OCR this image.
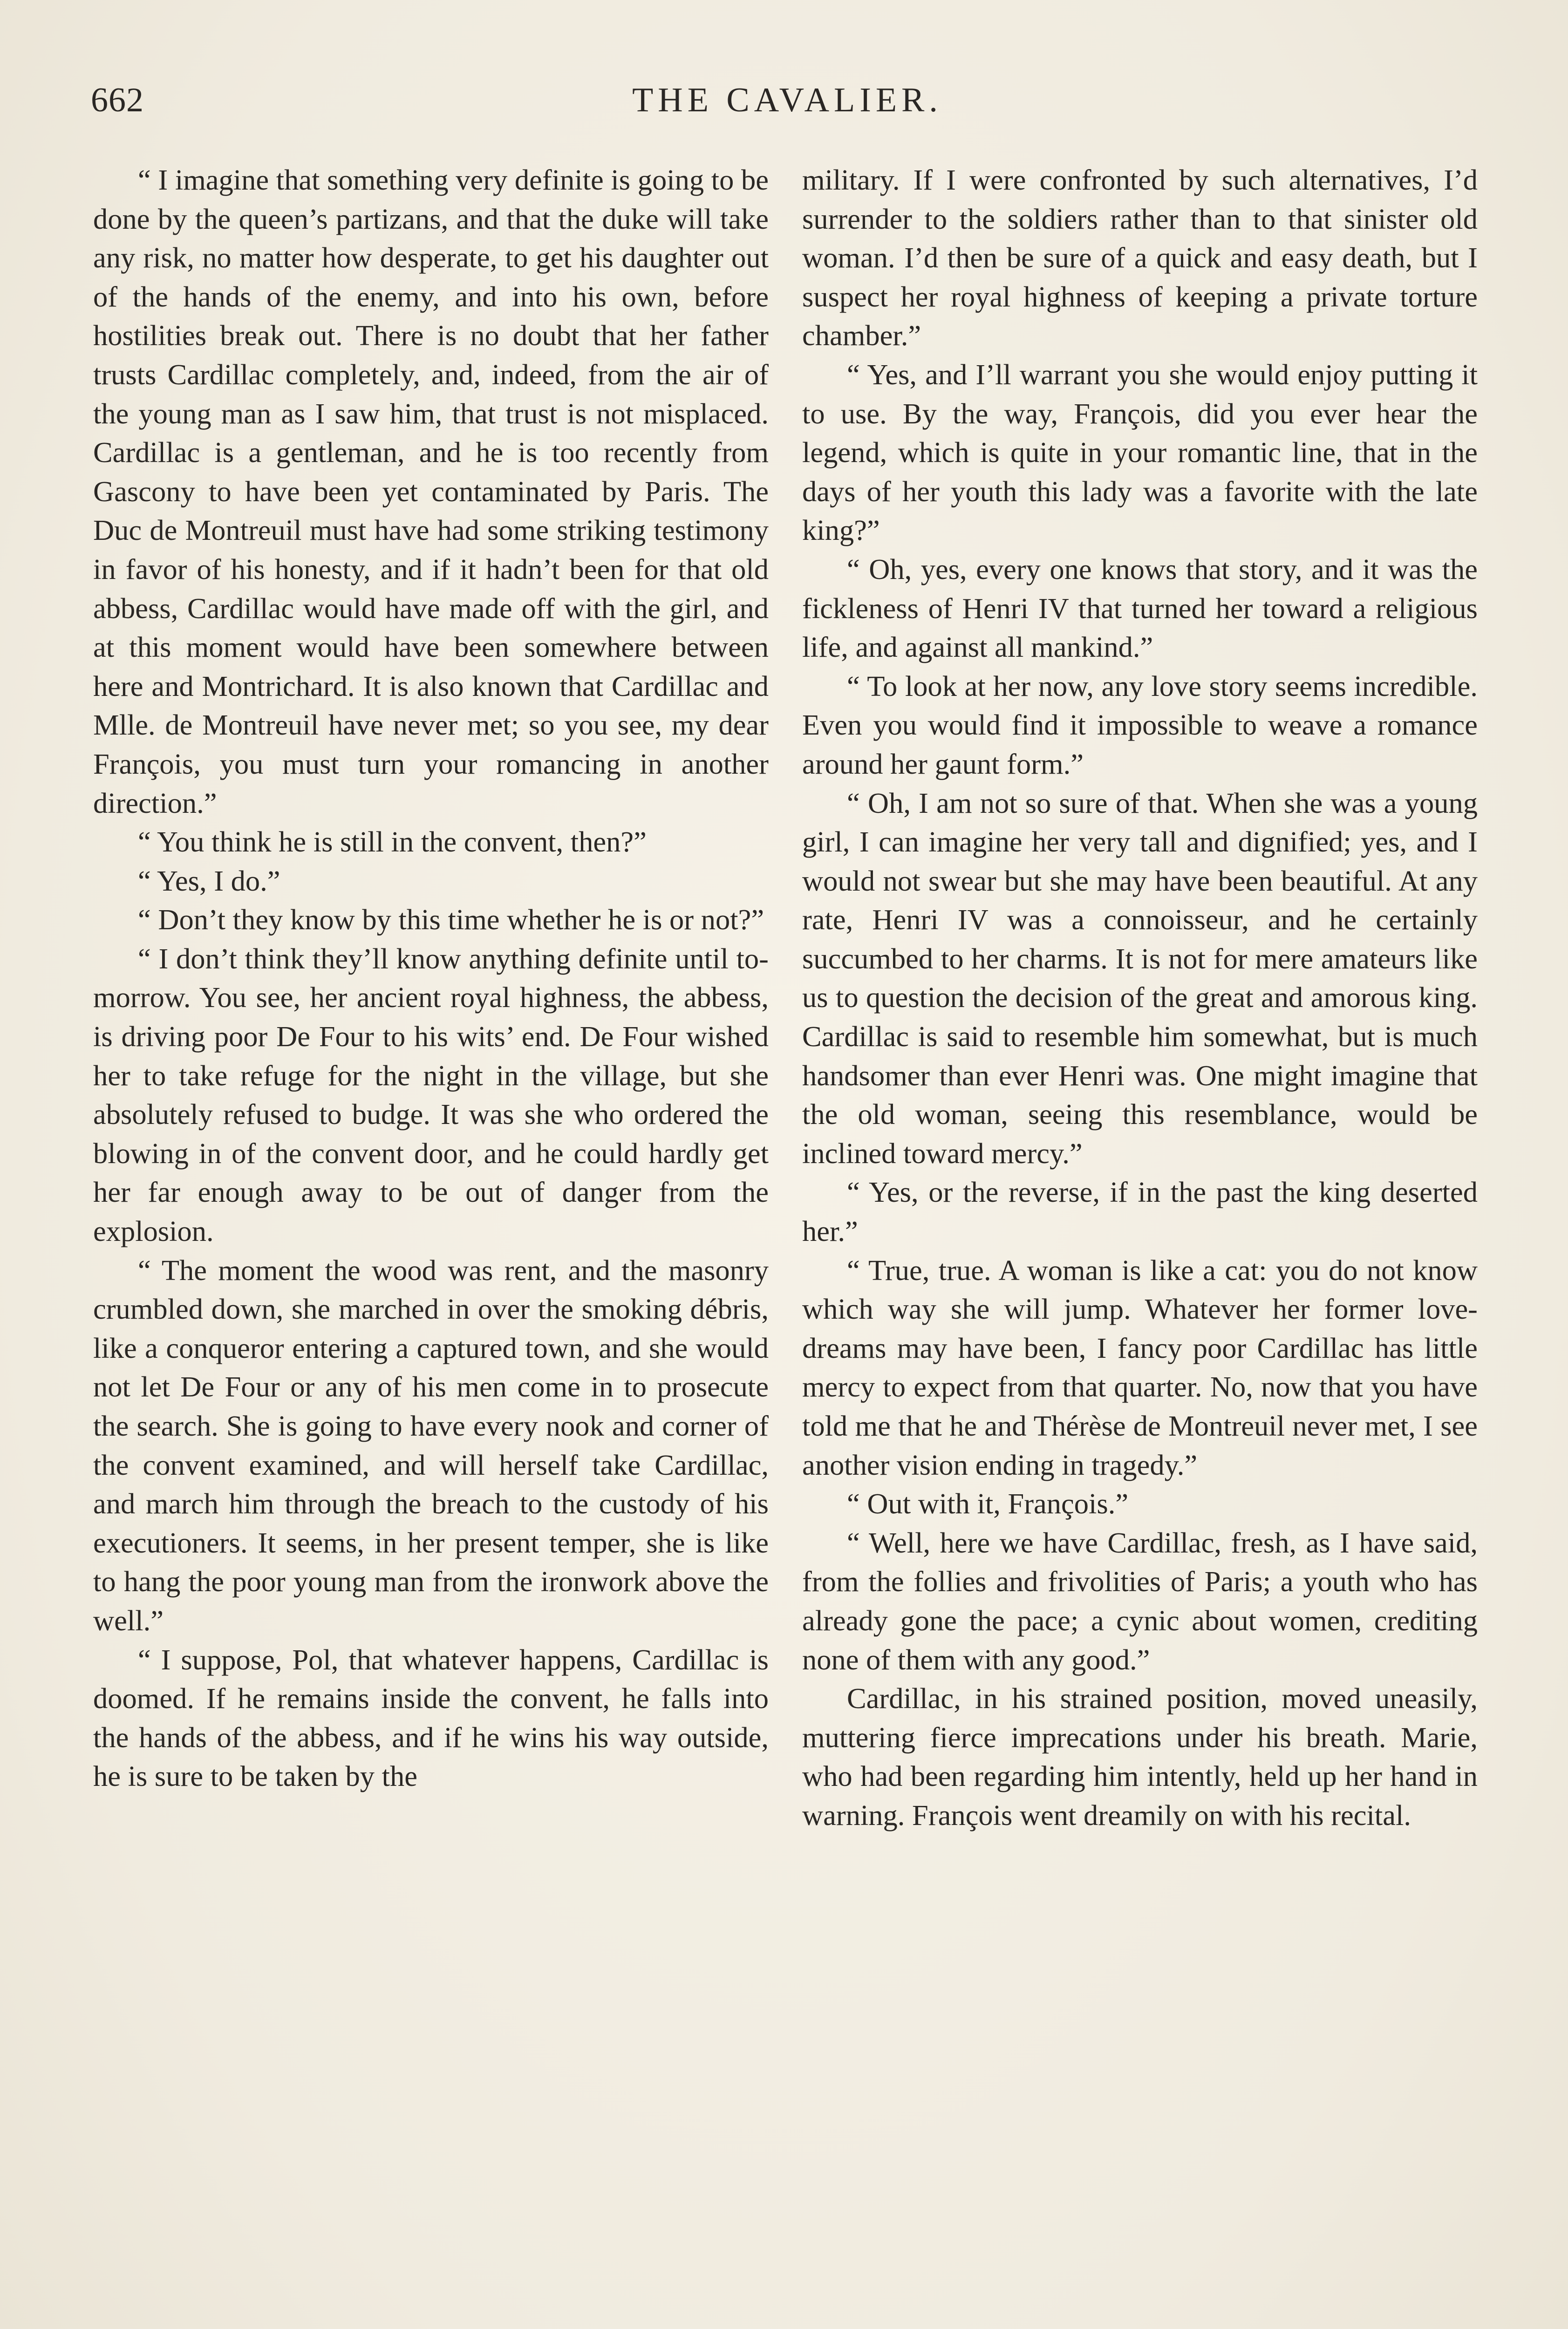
662	THE CAVALIER.

“ I imagine that something very definite is going to be done by the queen’s partizans, and that the duke will take any risk, no matter how desperate, to get his daughter out of the hands of the enemy, and into his own, before hostilities break out. There is no doubt that her father trusts Cardillac completely, and, indeed, from the air of the young man as I saw him, that trust is not misplaced. Cardillac is a gentleman, and he is too recently from Gascony to have been yet contaminated by Paris. The Duc de Montreuil must have had some striking testimony in favor of his honesty, and if it hadn’t been for that old abbess, Cardillac would have made off with the girl, and at this moment would have been somewhere between here and Montrichard. It is also known that Cardillac and Mlle. de Montreuil have never met; so you see, my dear François, you must turn your romancing in another direction.”

“ You think he is still in the convent, then?”

“ Yes, I do.”

“ Don’t they know by this time whether he is or not?”

“ I don’t think they’ll know anything definite until to-morrow. You see, her ancient royal highness, the abbess, is driving poor De Four to his wits’ end. De Four wished her to take refuge for the night in the village, but she absolutely refused to budge. It was she who ordered the blowing in of the convent door, and he could hardly get her far enough away to be out of danger from the explosion.

“ The moment the wood was rent, and the masonry crumbled down, she marched in over the smoking débris, like a conqueror entering a captured town, and she would not let De Four or any of his men come in to prosecute the search. She is going to have every nook and corner of the convent examined, and will herself take Cardillac, and march him through the breach to the custody of his executioners. It seems, in her present temper, she is like to hang the poor young man from the ironwork above the well.”

“ I suppose, Pol, that whatever happens, Cardillac is doomed. If he remains inside the convent, he falls into the hands of the abbess, and if he wins his way outside, he is sure to be taken by the

military. If I were confronted by such alternatives, I’d surrender to the soldiers rather than to that sinister old woman. I’d then be sure of a quick and easy death, but I suspect her royal highness of keeping a private torture chamber.”

“ Yes, and I’ll warrant you she would enjoy putting it to use. By the way, François, did you ever hear the legend, which is quite in your romantic line, that in the days of her youth this lady was a favorite with the late king?”

“ Oh, yes, every one knows that story, and it was the fickleness of Henri IV that turned her toward a religious life, and against all mankind.”

“ To look at her now, any love story seems incredible. Even you would find it impossible to weave a romance around her gaunt form.”

“ Oh, I am not so sure of that. When she was a young girl, I can imagine her very tall and dignified; yes, and I would not swear but she may have been beautiful. At any rate, Henri IV was a connoisseur, and he certainly succumbed to her charms. It is not for mere amateurs like us to question the decision of the great and amorous king. Cardillac is said to resemble him somewhat, but is much handsomer than ever Henri was. One might imagine that the old woman, seeing this resemblance, would be inclined toward mercy.”

“ Yes, or the reverse, if in the past the king deserted her.”

“ True, true. A woman is like a cat: you do not know which way she will jump. Whatever her former love-dreams may have been, I fancy poor Cardillac has little mercy to expect from that quarter. No, now that you have told me that he and Thérèse de Montreuil never met, I see another vision ending in tragedy.”

“ Out with it, François.”

“ Well, here we have Cardillac, fresh, as I have said, from the follies and frivolities of Paris; a youth who has already gone the pace; a cynic about women, crediting none of them with any good.”

Cardillac, in his strained position, moved uneasily, muttering fierce imprecations under his breath. Marie, who had been regarding him intently, held up her hand in warning. François went dreamily on with his recital.
